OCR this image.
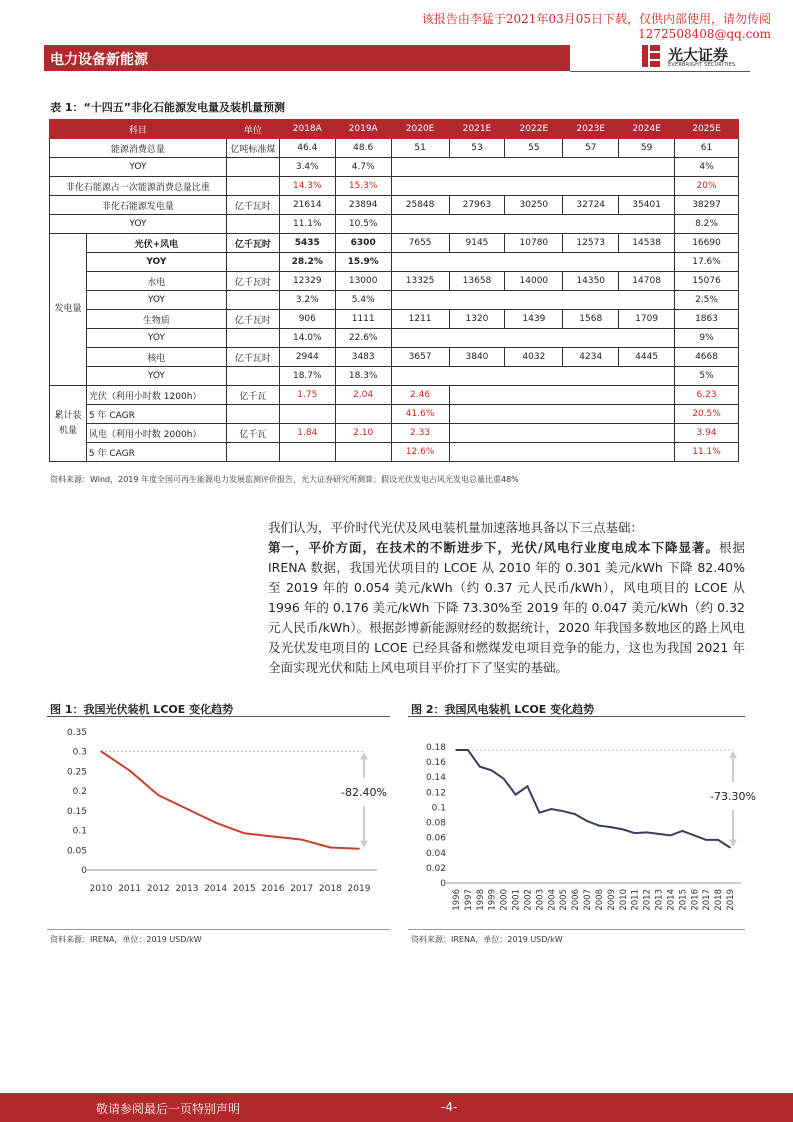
该报告由李猛于2021年03月05日下载，仅供内部使用，请勿传阅
1272508408@qq.com
电力设备新能源	光大证券
EVERBRIGHT SECURITIES
表 1：“十四五”非化石能源发电量及装机量预测
科目		单位	2018A	2019A	2020E	2021E	2022E	2023E	2024E	2025E
能源消费总量		亿吨标准煤	46.4	48.6	51	53	55	57	59	61
YOY			3.4%	4.7%						4%
非化石能源占一次能源消费总量比重			14.3%	15.3%						20%
非化石能源发电量		亿千瓦时	21614	23894	25848	27963	30250	32724	35401	38297
YOY			11.1%	10.5%						8.2%
发电量	光伏+风电	亿千瓦时	5435	6300	7655	9145	10780	12573	14538	16690
	YOY		28.2%	15.9%						17.6%
	水电	亿千瓦时	12329	13000	13325	13658	14000	14350	14708	15076
	YOY		3.2%	5.4%						2.5%
	生物质	亿千瓦时	906	1111	1211	1320	1439	1568	1709	1863
	YOY		14.0%	22.6%						9%
	核电	亿千瓦时	2944	3483	3657	3840	4032	4234	4445	4668
	YOY		18.7%	18.3%						5%
累计装机量	光伏（利用小时数 1200h）	亿千瓦	1.75	2.04	2.46					6.23
	5 年 CAGR				41.6%					20.5%
	风电（利用小时数 2000h）	亿千瓦	1.84	2.10	2.33					3.94
	5 年 CAGR				12.6%					11.1%
资料来源：Wind，2019 年度全国可再生能源电力发展监测评价报告，光大证券研究所测算；假设光伏发电占风光发电总量比重48%
我们认为，平价时代光伏及风电装机量加速落地具备以下三点基础：
第一，平价方面，在技术的不断进步下，光伏/风电行业度电成本下降显著。根据 IRENA 数据，我国光伏项目的 LCOE 从 2010 年的 0.301 美元/kWh 下降 82.40%至 2019 年的 0.054 美元/kWh（约 0.37 元人民币/kWh），风电项目的 LCOE 从 1996 年的 0.176 美元/kWh 下降 73.30%至 2019 年的 0.047 美元/kWh（约 0.32 元人民币/kWh）。根据彭博新能源财经的数据统计，2020 年我国多数地区的路上风电及光伏发电项目的 LCOE 已经具备和燃煤发电项目竞争的能力，这也为我国 2021 年全面实现光伏和陆上风电项目平价打下了坚实的基础。
图 1：我国光伏装机 LCOE 变化趋势
0
0.05
0.1
0.15
0.2
0.25
0.3
0.35
2010 2011 2012 2013 2014 2015 2016 2017 2018 2019
-82.40%
资料来源：IRENA，单位：2019 USD/kW
图 2：我国风电装机 LCOE 变化趋势
0
0.02
0.04
0.06
0.08
0.1
0.12
0.14
0.16
0.18
1996 1997 1998 1999 2000 2001 2002 2003 2004 2005 2006 2007 2008 2009 2010 2011 2012 2013 2014 2015 2016 2017 2018 2019
-73.30%
资料来源：IRENA，单位：2019 USD/kW
敬请参阅最后一页特别声明	-4-
